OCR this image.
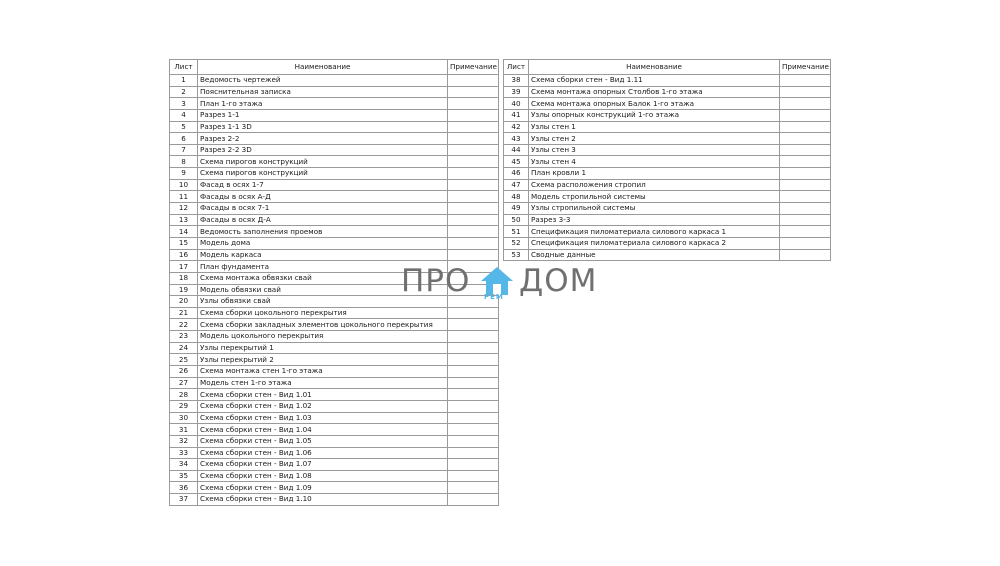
Лист	Наименование	Примечание
1	Ведомость чертежей	
2	Пояснительная записка	
3	План 1-го этажа	
4	Разрез 1-1	
5	Разрез 1-1 3D	
6	Разрез 2-2	
7	Разрез 2-2 3D	
8	Схема пирогов конструкций	
9	Схема пирогов конструкций	
10	Фасад в осях 1-7	
11	Фасады в осях А-Д	
12	Фасады в осях 7-1	
13	Фасады в осях Д-А	
14	Ведомость заполнения проемов	
15	Модель дома	
16	Модель каркаса	
17	План фундамента	
18	Схема монтажа обвязки свай	
19	Модель обвязки свай	
20	Узлы обвязки свай	
21	Схема сборки цокольного перекрытия	
22	Схема сборки закладных элементов цокольного перекрытия	
23	Модель цокольного перекрытия	
24	Узлы перекрытий 1	
25	Узлы перекрытий 2	
26	Схема монтажа стен 1-го этажа	
27	Модель стен 1-го этажа	
28	Схема сборки стен - Вид 1.01	
29	Схема сборки стен - Вид 1.02	
30	Схема сборки стен - Вид 1.03	
31	Схема сборки стен - Вид 1.04	
32	Схема сборки стен - Вид 1.05	
33	Схема сборки стен - Вид 1.06	
34	Схема сборки стен - Вид 1.07	
35	Схема сборки стен - Вид 1.08	
36	Схема сборки стен - Вид 1.09	
37	Схема сборки стен - Вид 1.10	
Лист	Наименование	Примечание
38	Схема сборки стен - Вид 1.11	
39	Схема монтажа опорных Столбов 1-го этажа	
40	Схема монтажа опорных Балок 1-го этажа	
41	Узлы опорных конструкций 1-го этажа	
42	Узлы стен 1	
43	Узлы стен 2	
44	Узлы стен 3	
45	Узлы стен 4	
46	План кровли 1	
47	Схема расположения стропил	
48	Модель стропильной системы	
49	Узлы стропильной системы	
50	Разрез 3-3	
51	Спецификация пиломатериала силового каркаса 1	
52	Спецификация пиломатериала силового каркаса 2	
53	Сводные данные	
ПРО РЕМ ДОМ
